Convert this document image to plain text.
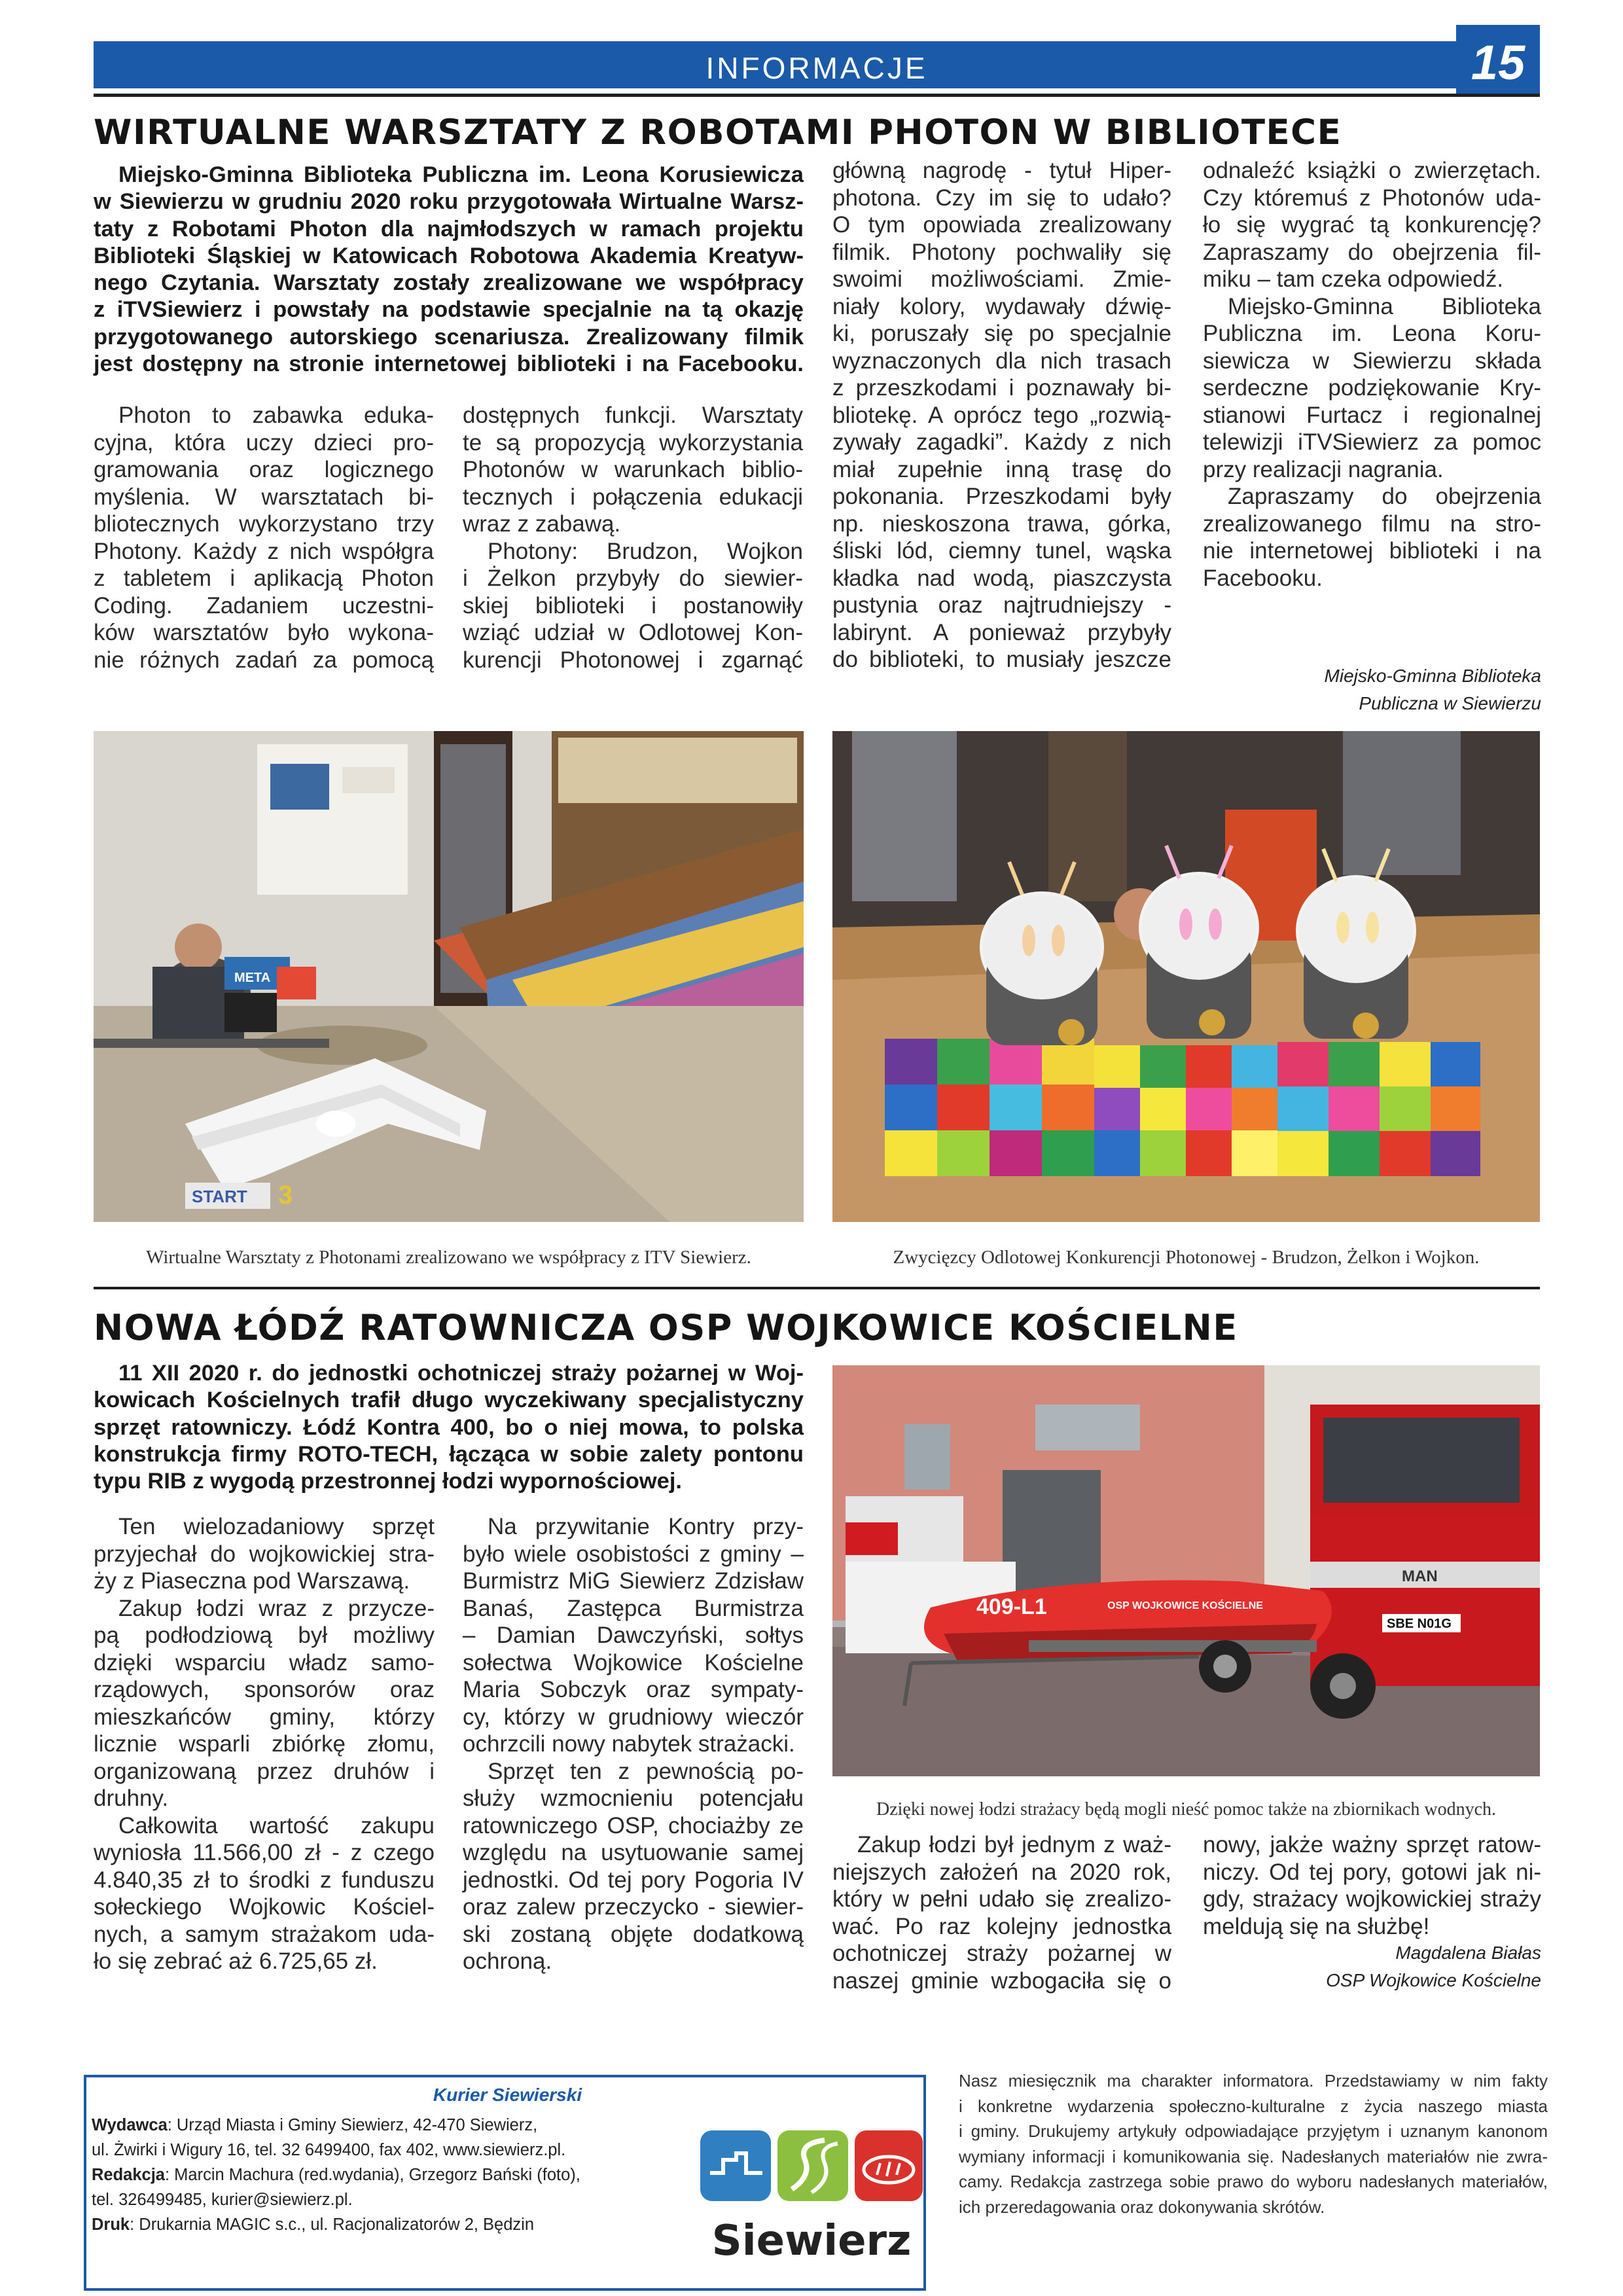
INFORMACJE	15
WIRTUALNE WARSZTATY Z ROBOTAMI PHOTON W BIBLIOTECE
Miejsko-Gminna Biblioteka Publiczna im. Leona Korusiewicza
w Siewierzu w grudniu 2020 roku przygotowała Wirtualne Warsz-
taty z Robotami Photon dla najmłodszych w ramach projektu
Biblioteki Śląskiej w Katowicach Robotowa Akademia Kreatyw-
nego Czytania. Warsztaty zostały zrealizowane we współpracy
z iTVSiewierz i powstały na podstawie specjalnie na tą okazję
przygotowanego autorskiego scenariusza. Zrealizowany filmik
jest dostępny na stronie internetowej biblioteki i na Facebooku.
Photon to zabawka eduka-
cyjna, która uczy dzieci pro-
gramowania oraz logicznego
myślenia. W warsztatach bi-
bliotecznych wykorzystano trzy
Photony. Każdy z nich współgra
z tabletem i aplikacją Photon
Coding. Zadaniem uczestni-
ków warsztatów było wykona-
nie różnych zadań za pomocą
dostępnych funkcji. Warsztaty
te są propozycją wykorzystania
Photonów w warunkach biblio-
tecznych i połączenia edukacji
wraz z zabawą.
Photony: Brudzon, Wojkon
i Żelkon przybyły do siewier-
skiej biblioteki i postanowiły
wziąć udział w Odlotowej Kon-
kurencji Photonowej i zgarnąć
główną nagrodę - tytuł Hiper-
photona. Czy im się to udało?
O tym opowiada zrealizowany
filmik. Photony pochwaliły się
swoimi możliwościami. Zmie-
niały kolory, wydawały dźwię-
ki, poruszały się po specjalnie
wyznaczonych dla nich trasach
z przeszkodami i poznawały bi-
bliotekę. A oprócz tego „rozwią-
zywały zagadki”. Każdy z nich
miał zupełnie inną trasę do
pokonania. Przeszkodami były
np. nieskoszona trawa, górka,
śliski lód, ciemny tunel, wąska
kładka nad wodą, piaszczysta
pustynia oraz najtrudniejszy -
labirynt. A ponieważ przybyły
do biblioteki, to musiały jeszcze
odnaleźć książki o zwierzętach.
Czy któremuś z Photonów uda-
ło się wygrać tą konkurencję?
Zapraszamy do obejrzenia fil-
miku – tam czeka odpowiedź.
Miejsko-Gminna Biblioteka
Publiczna im. Leona Koru-
siewicza w Siewierzu składa
serdeczne podziękowanie Kry-
stianowi Furtacz i regionalnej
telewizji iTVSiewierz za pomoc
przy realizacji nagrania.
Zapraszamy do obejrzenia
zrealizowanego filmu na stro-
nie internetowej biblioteki i na
Facebooku.
Miejsko-Gminna Biblioteka
Publiczna w Siewierzu
META
START 3
Wirtualne Warsztaty z Photonami zrealizowano we współpracy z ITV Siewierz.	Zwycięzcy Odlotowej Konkurencji Photonowej - Brudzon, Żelkon i Wojkon.
NOWA ŁÓDŹ RATOWNICZA OSP WOJKOWICE KOŚCIELNE
11 XII 2020 r. do jednostki ochotniczej straży pożarnej w Woj-
kowicach Kościelnych trafił długo wyczekiwany specjalistyczny
sprzęt ratowniczy. Łódź Kontra 400, bo o niej mowa, to polska
konstrukcja firmy ROTO-TECH, łącząca w sobie zalety pontonu
typu RIB z wygodą przestronnej łodzi wypornościowej.
Ten wielozadaniowy sprzęt
przyjechał do wojkowickiej stra-
ży z Piaseczna pod Warszawą.
Zakup łodzi wraz z przycze-
pą podłodziową był możliwy
dzięki wsparciu władz samo-
rządowych, sponsorów oraz
mieszkańców gminy, którzy
licznie wsparli zbiórkę złomu,
organizowaną przez druhów i
druhny.
Całkowita wartość zakupu
wyniosła 11.566,00 zł - z czego
4.840,35 zł to środki z funduszu
sołeckiego Wojkowic Kościel-
nych, a samym strażakom uda-
ło się zebrać aż 6.725,65 zł.
Na przywitanie Kontry przy-
było wiele osobistości z gminy –
Burmistrz MiG Siewierz Zdzisław
Banaś, Zastępca Burmistrza
– Damian Dawczyński, sołtys
sołectwa Wojkowice Kościelne
Maria Sobczyk oraz sympaty-
cy, którzy w grudniowy wieczór
ochrzcili nowy nabytek strażacki.
Sprzęt ten z pewnością po-
służy wzmocnieniu potencjału
ratowniczego OSP, chociażby ze
względu na usytuowanie samej
jednostki. Od tej pory Pogoria IV
oraz zalew przeczycko - siewier-
ski zostaną objęte dodatkową
ochroną.
SBE N01G
MAN
409-L1	OSP WOJKOWICE KOŚCIELNE
Dzięki nowej łodzi strażacy będą mogli nieść pomoc także na zbiornikach wodnych.
Zakup łodzi był jednym z waż-
niejszych założeń na 2020 rok,
który w pełni udało się zrealizo-
wać. Po raz kolejny jednostka
ochotniczej straży pożarnej w
naszej gminie wzbogaciła się o
nowy, jakże ważny sprzęt ratow-
niczy. Od tej pory, gotowi jak ni-
gdy, strażacy wojkowickiej straży
meldują się na służbę!
Magdalena Białas
OSP Wojkowice Kościelne
Kurier Siewierski
Wydawca: Urząd Miasta i Gminy Siewierz, 42-470 Siewierz,
ul. Żwirki i Wigury 16, tel. 32 6499400, fax 402, www.siewierz.pl.
Redakcja: Marcin Machura (red.wydania), Grzegorz Bański (foto),
tel. 326499485, kurier@siewierz.pl.
Druk: Drukarnia MAGIC s.c., ul. Racjonalizatorów 2, Będzin	Siewierz
Nasz miesięcznik ma charakter informatora. Przedstawiamy w nim fakty
i konkretne wydarzenia społeczno-kulturalne z życia naszego miasta
i gminy. Drukujemy artykuły odpowiadające przyjętym i uznanym kanonom
wymiany informacji i komunikowania się. Nadesłanych materiałów nie zwra-
camy. Redakcja zastrzega sobie prawo do wyboru nadesłanych materiałów,
ich przeredagowania oraz dokonywania skrótów.
